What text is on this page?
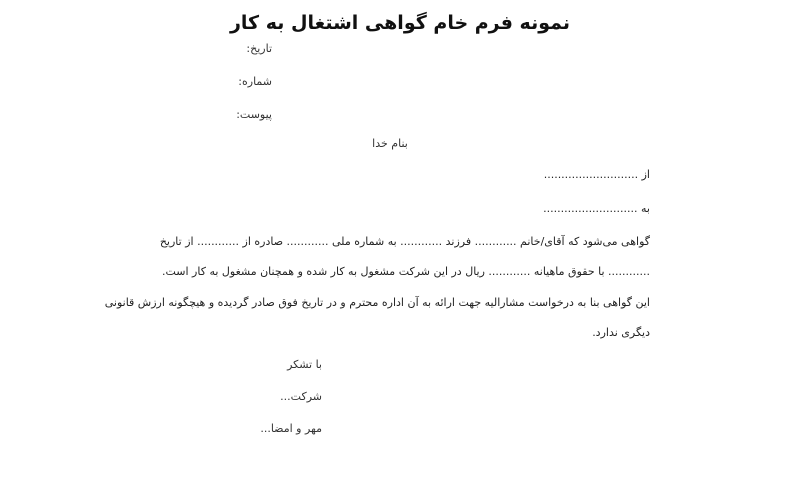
نمونه فرم خام گواهی اشتغال به کار
تاریخ:
شماره:
پیوست:
بنام خدا
از ...........................
به ...........................
گواهی می‌شود که آقای/خانم ............ فرزند ............ به شماره ملی ............ صادره از ............ از تاریخ
............ با حقوق ماهیانه ............ ریال در این شرکت مشغول به کار شده و همچنان مشغول به کار است.
این گواهی بنا به درخواست مشارالیه جهت ارائه به آن اداره محترم و در تاریخ فوق صادر گردیده و هیچگونه ارزش قانونی
دیگری ندارد.
با تشکر
شرکت...
مهر و امضا...
